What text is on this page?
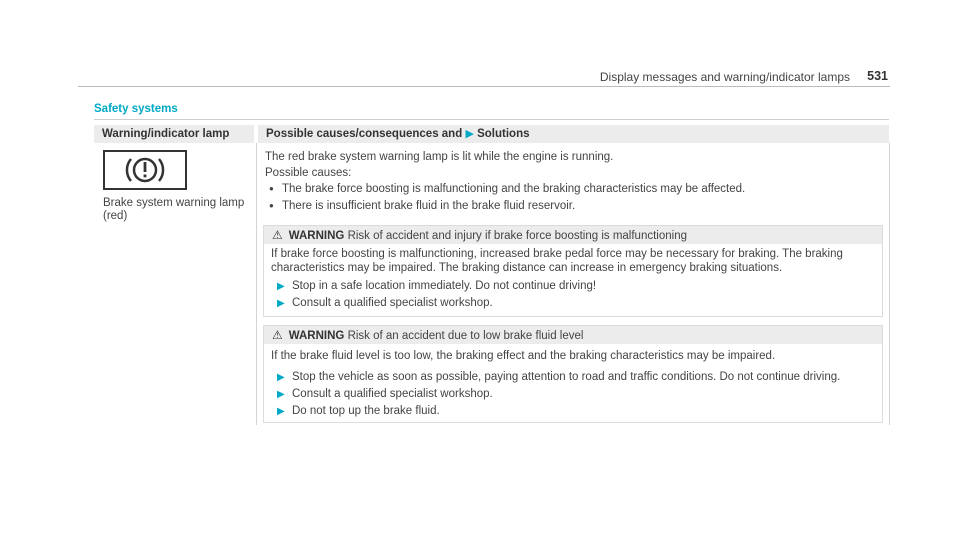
Display messages and warning/indicator lamps 531
Safety systems
Warning/indicator lamp	Possible causes/consequences and ▶ Solutions
Brake system warning lamp (red)
The red brake system warning lamp is lit while the engine is running.
Possible causes:
● The brake force boosting is malfunctioning and the braking characteristics may be affected.
● There is insufficient brake fluid in the brake fluid reservoir.
⚠ WARNING Risk of accident and injury if brake force boosting is malfunctioning
If brake force boosting is malfunctioning, increased brake pedal force may be necessary for braking. The braking characteristics may be impaired. The braking distance can increase in emergency braking situations.
▶ Stop in a safe location immediately. Do not continue driving!
▶ Consult a qualified specialist workshop.
⚠ WARNING Risk of an accident due to low brake fluid level
If the brake fluid level is too low, the braking effect and the braking characteristics may be impaired.
▶ Stop the vehicle as soon as possible, paying attention to road and traffic conditions. Do not continue driving.
▶ Consult a qualified specialist workshop.
▶ Do not top up the brake fluid.
